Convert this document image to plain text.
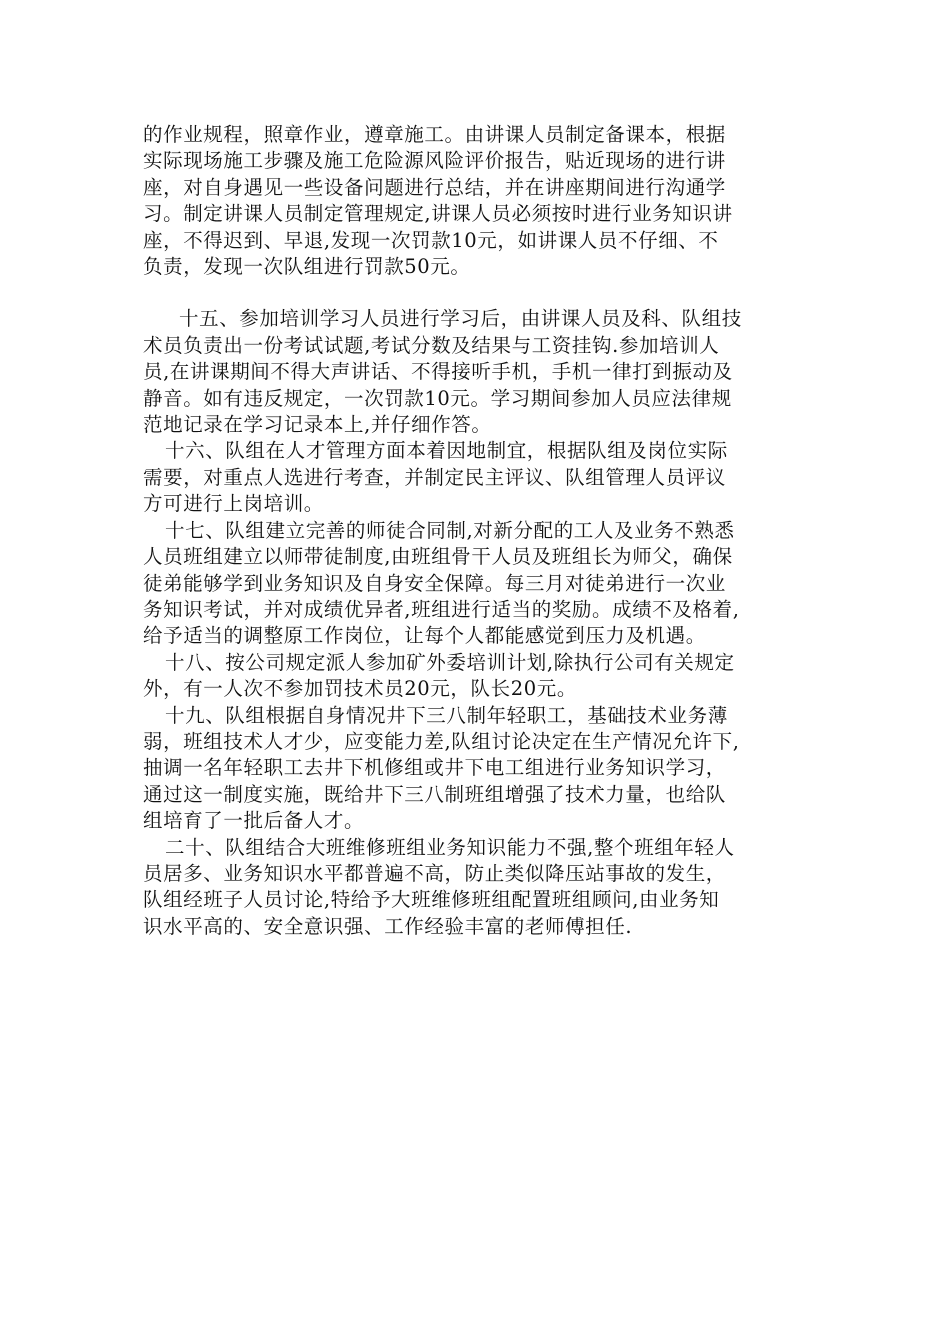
的作业规程，照章作业，遵章施工。由讲课人员制定备课本，根据
实际现场施工步骤及施工危险源风险评价报告，贴近现场的进行讲
座，对自身遇见一些设备问题进行总结，并在讲座期间进行沟通学
习。制定讲课人员制定管理规定,讲课人员必须按时进行业务知识讲
座，不得迟到、早退,发现一次罚款10元，如讲课人员不仔细、不
负责，发现一次队组进行罚款50元。

十五、参加培训学习人员进行学习后，由讲课人员及科、队组技
术员负责出一份考试试题,考试分数及结果与工资挂钩.参加培训人
员,在讲课期间不得大声讲话、不得接听手机，手机一律打到振动及
静音。如有违反规定，一次罚款10元。学习期间参加人员应法律规
范地记录在学习记录本上,并仔细作答。

十六、队组在人才管理方面本着因地制宜，根据队组及岗位实际
需要，对重点人选进行考查，并制定民主评议、队组管理人员评议
方可进行上岗培训。

十七、队组建立完善的师徒合同制,对新分配的工人及业务不熟悉
人员班组建立以师带徒制度,由班组骨干人员及班组长为师父，确保
徒弟能够学到业务知识及自身安全保障。每三月对徒弟进行一次业
务知识考试，并对成绩优异者,班组进行适当的奖励。成绩不及格着,
给予适当的调整原工作岗位，让每个人都能感觉到压力及机遇。

十八、按公司规定派人参加矿外委培训计划,除执行公司有关规定
外，有一人次不参加罚技术员20元，队长20元。

十九、队组根据自身情况井下三八制年轻职工，基础技术业务薄
弱，班组技术人才少，应变能力差,队组讨论决定在生产情况允许下,
抽调一名年轻职工去井下机修组或井下电工组进行业务知识学习，
通过这一制度实施，既给井下三八制班组增强了技术力量，也给队
组培育了一批后备人才。

二十、队组结合大班维修班组业务知识能力不强,整个班组年轻人
员居多、业务知识水平都普遍不高，防止类似降压站事故的发生，
队组经班子人员讨论,特给予大班维修班组配置班组顾问,由业务知
识水平高的、安全意识强、工作经验丰富的老师傅担任.
